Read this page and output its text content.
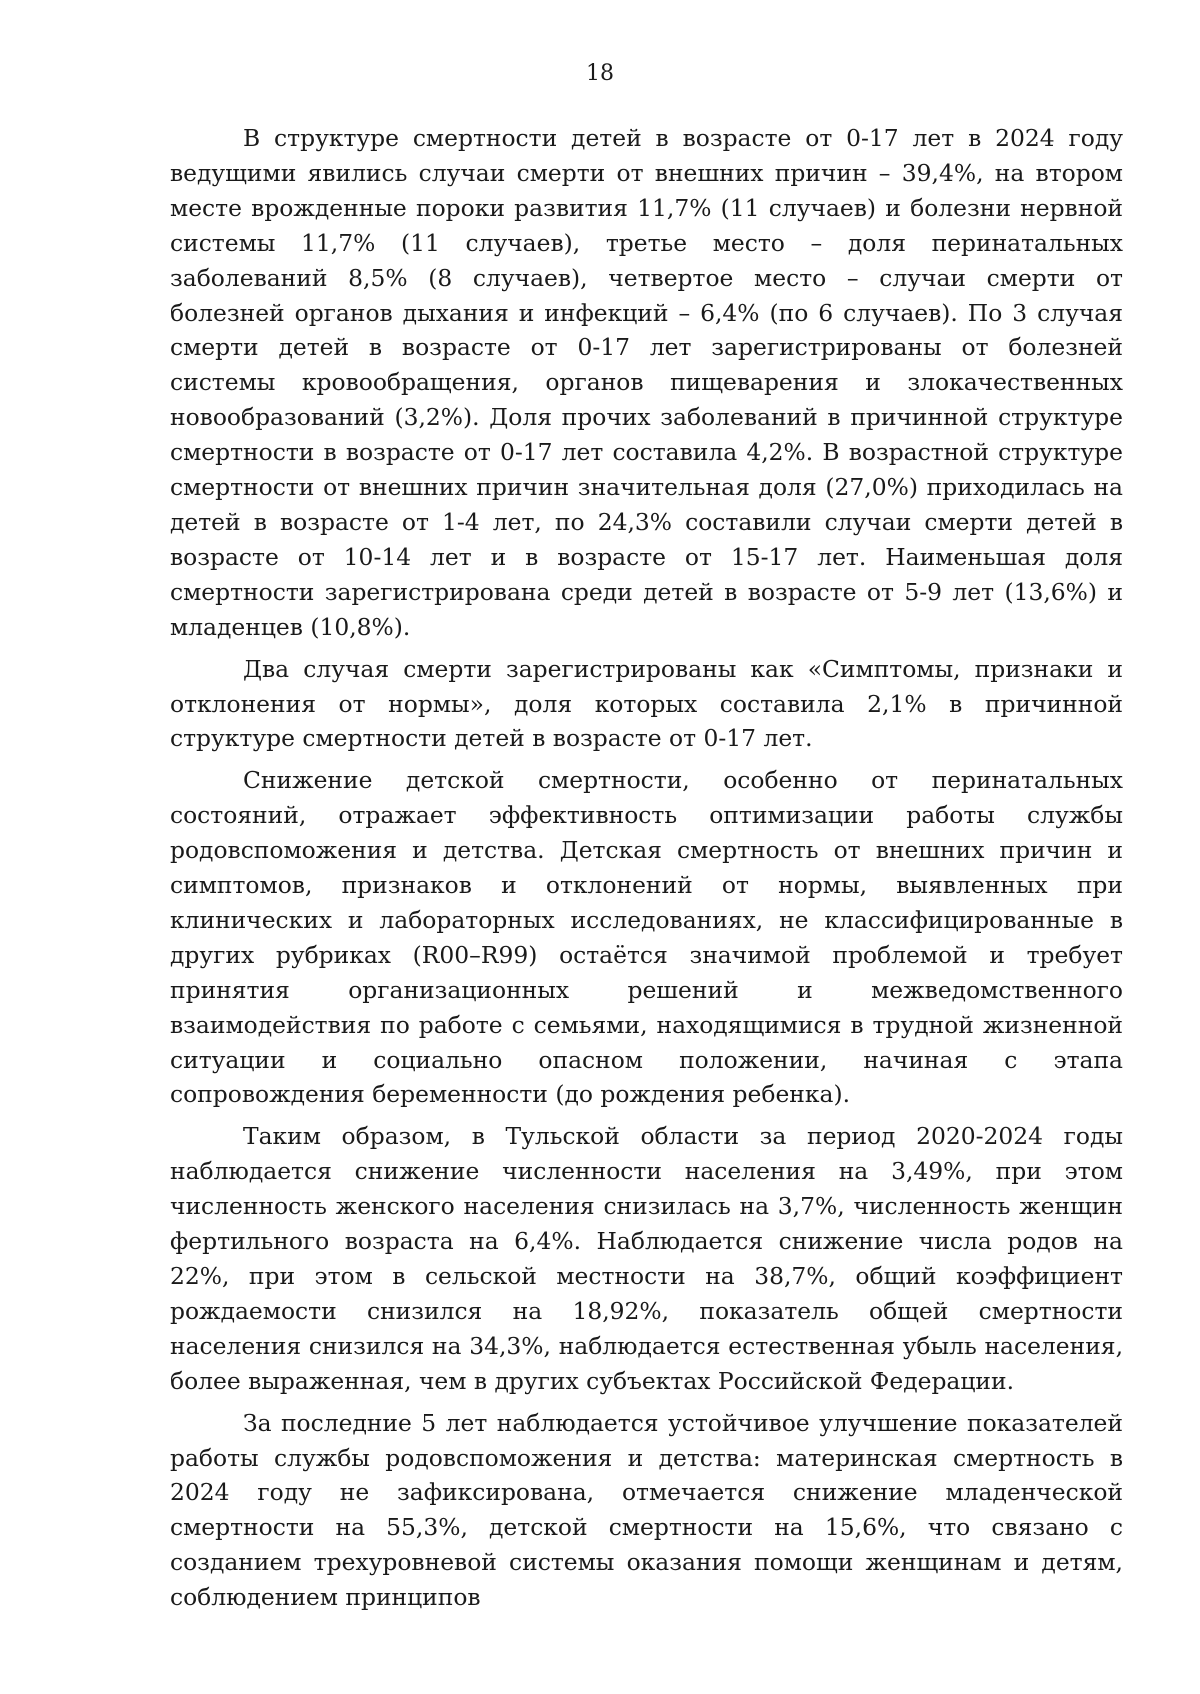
18

В структуре смертности детей в возрасте от 0-17 лет в 2024 году ведущими явились случаи смерти от внешних причин – 39,4%, на втором месте врожденные пороки развития 11,7% (11 случаев) и болезни нервной системы 11,7% (11 случаев), третье место – доля перинатальных заболеваний 8,5% (8 случаев), четвертое место – случаи смерти от болезней органов дыхания и инфекций – 6,4% (по 6 случаев). По 3 случая смерти детей в возрасте от 0-17 лет зарегистрированы от болезней системы кровообращения, органов пищеварения и злокачественных новообразований (3,2%). Доля прочих заболеваний в причинной структуре смертности в возрасте от 0-17 лет составила 4,2%. В возрастной структуре смертности от внешних причин значительная доля (27,0%) приходилась на детей в возрасте от 1-4 лет, по 24,3% составили случаи смерти детей в возрасте от 10-14 лет и в возрасте от 15-17 лет. Наименьшая доля смертности зарегистрирована среди детей в возрасте от 5-9 лет (13,6%) и младенцев (10,8%).

Два случая смерти зарегистрированы как «Симптомы, признаки и отклонения от нормы», доля которых составила 2,1% в причинной структуре смертности детей в возрасте от 0-17 лет.

Снижение детской смертности, особенно от перинатальных состояний, отражает эффективность оптимизации работы службы родовспоможения и детства. Детская смертность от внешних причин и симптомов, признаков и отклонений от нормы, выявленных при клинических и лабораторных исследованиях, не классифицированные в других рубриках (R00–R99) остаётся значимой проблемой и требует принятия организационных решений и межведомственного взаимодействия по работе с семьями, находящимися в трудной жизненной ситуации и социально опасном положении, начиная с этапа сопровождения беременности (до рождения ребенка).

Таким образом, в Тульской области за период 2020-2024 годы наблюдается снижение численности населения на 3,49%, при этом численность женского населения снизилась на 3,7%, численность женщин фертильного возраста на 6,4%. Наблюдается снижение числа родов на 22%, при этом в сельской местности на 38,7%, общий коэффициент рождаемости снизился на 18,92%, показатель общей смертности населения снизился на 34,3%, наблюдается естественная убыль населения, более выраженная, чем в других субъектах Российской Федерации.

За последние 5 лет наблюдается устойчивое улучшение показателей работы службы родовспоможения и детства: материнская смертность в 2024 году не зафиксирована, отмечается снижение младенческой смертности на 55,3%, детской смертности на 15,6%, что связано с созданием трехуровневой системы оказания помощи женщинам и детям, соблюдением принципов
